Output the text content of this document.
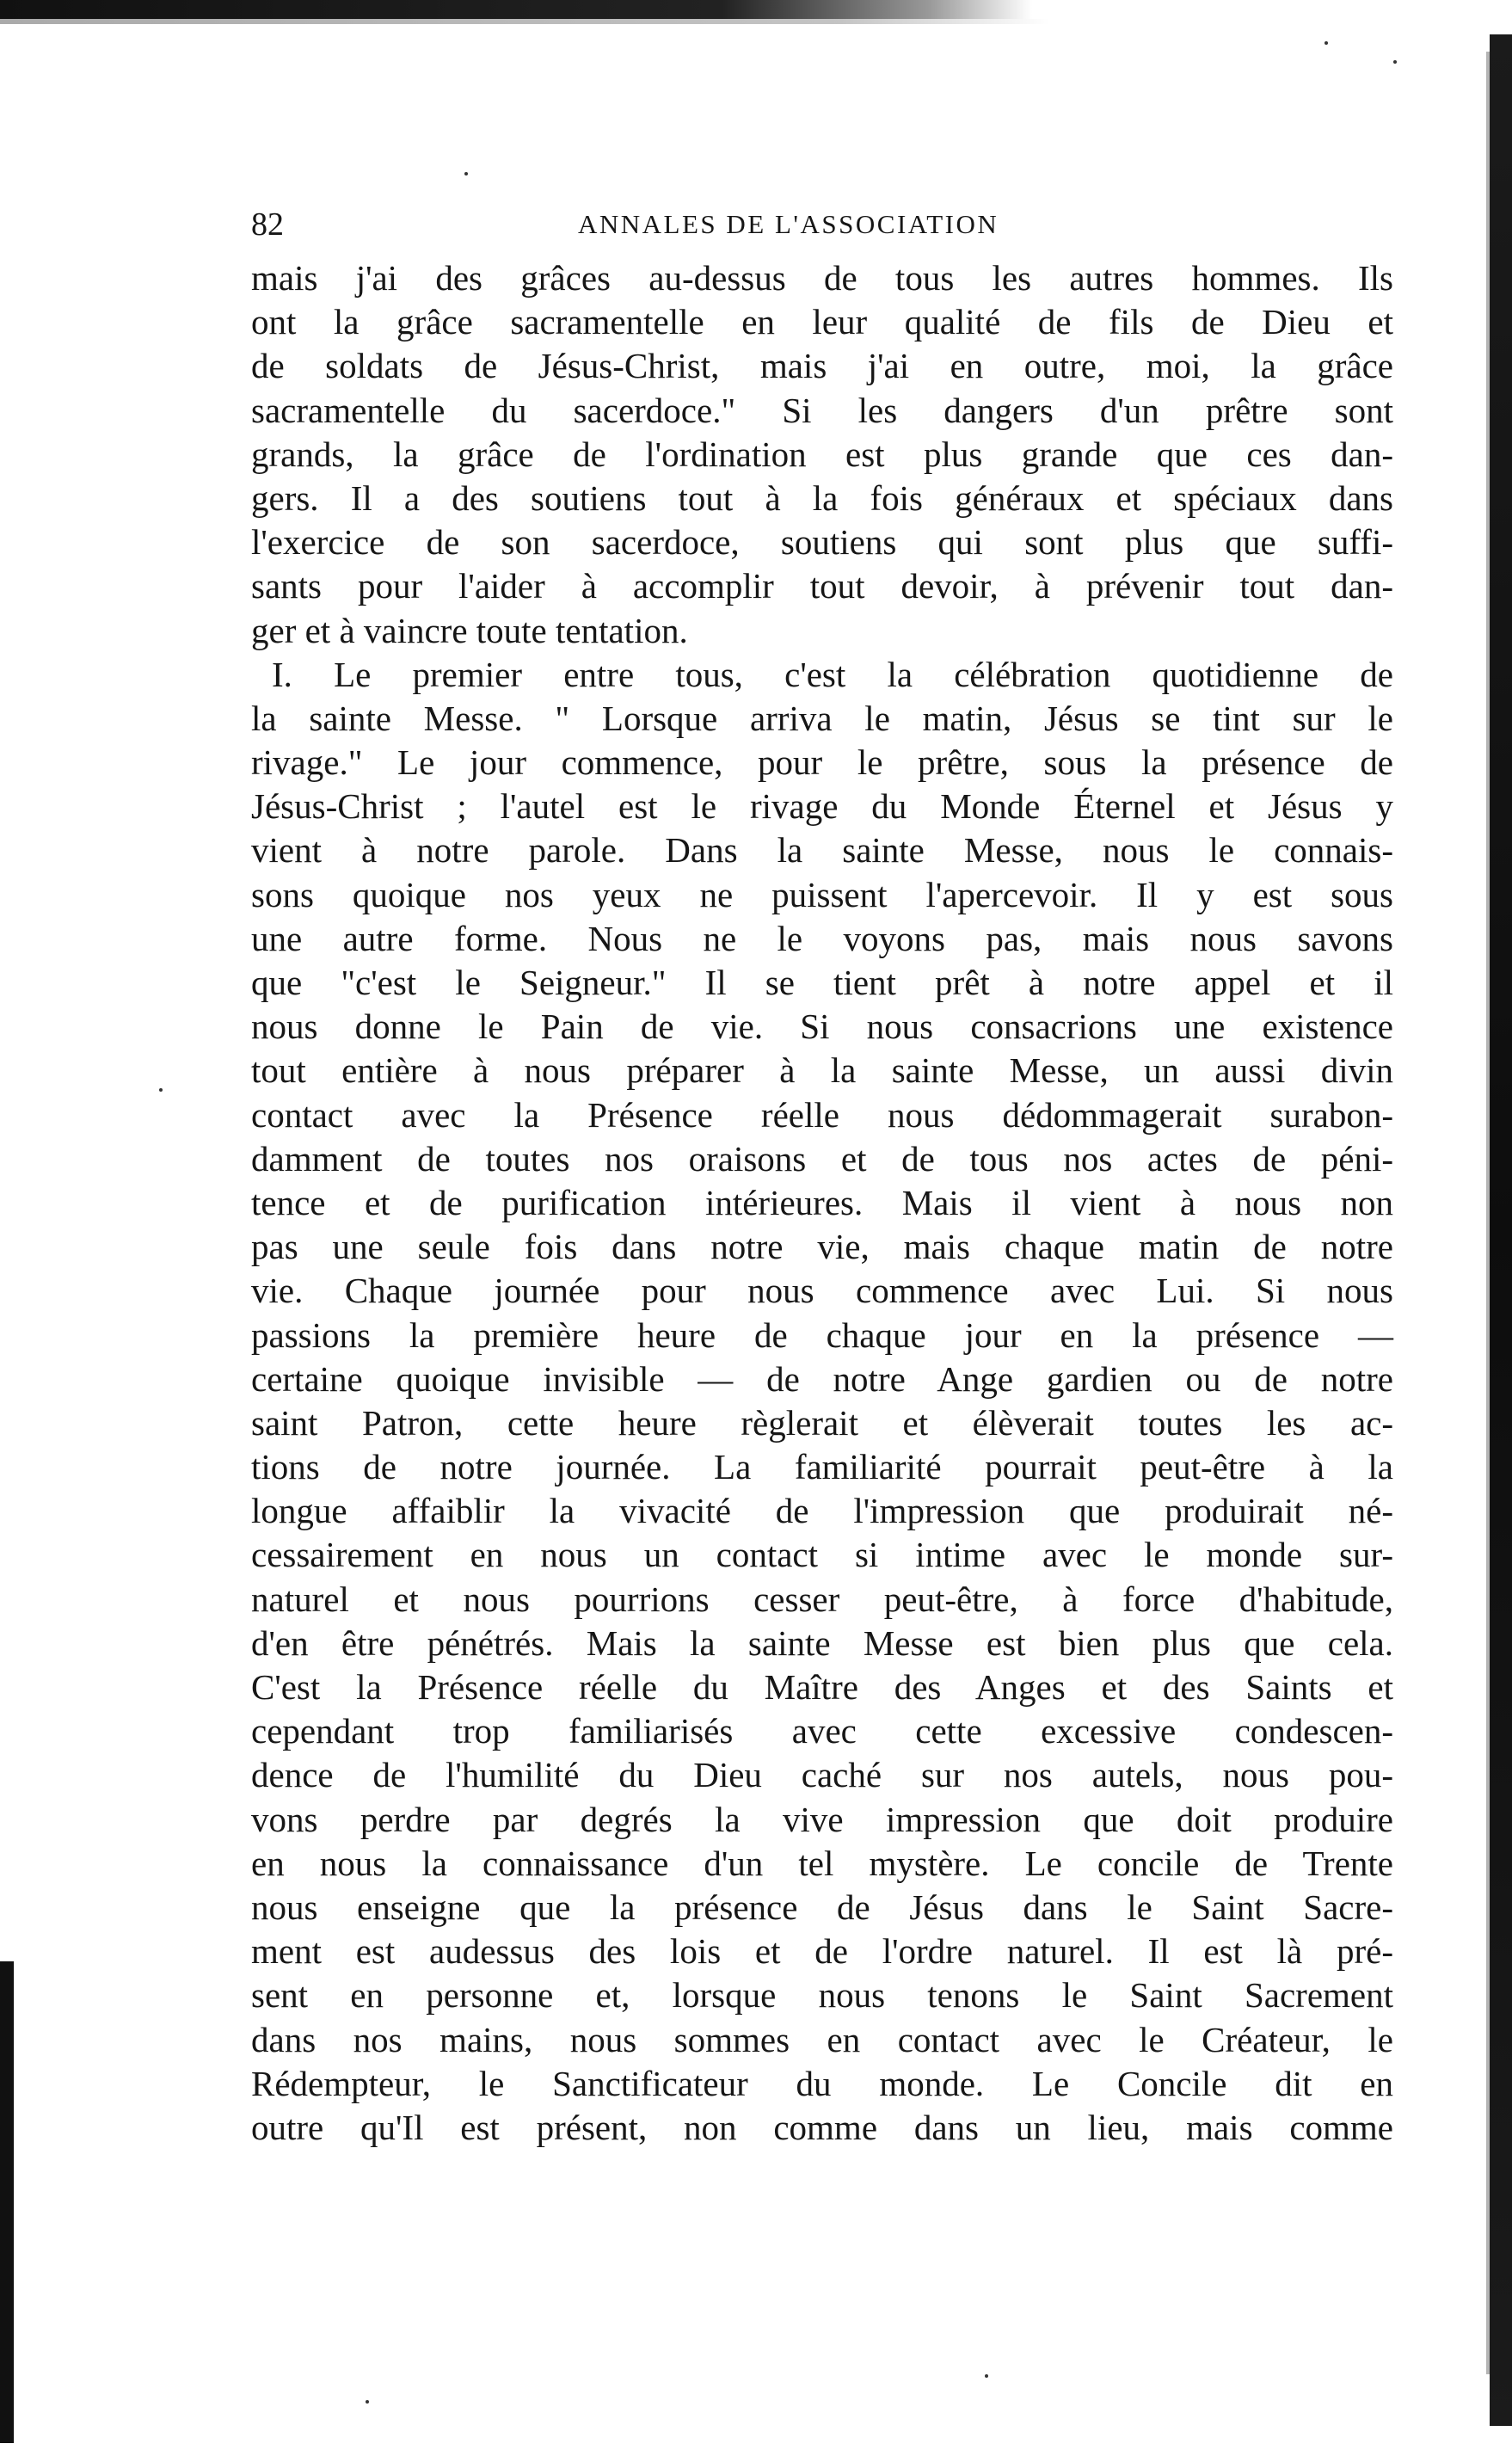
82	ANNALES DE L'ASSOCIATION
mais j'ai des grâces au-dessus de tous les autres hommes. Ils
ont la grâce sacramentelle en leur qualité de fils de Dieu et
de soldats de Jésus-Christ, mais j'ai en outre, moi, la grâce
sacramentelle du sacerdoce." Si les dangers d'un prêtre sont
grands, la grâce de l'ordination est plus grande que ces dan-
gers. Il a des soutiens tout à la fois généraux et spéciaux dans
l'exercice de son sacerdoce, soutiens qui sont plus que suffi-
sants pour l'aider à accomplir tout devoir, à prévenir tout dan-
ger et à vaincre toute tentation.
I. Le premier entre tous, c'est la célébration quotidienne de
la sainte Messe. " Lorsque arriva le matin, Jésus se tint sur le
rivage." Le jour commence, pour le prêtre, sous la présence de
Jésus-Christ ; l'autel est le rivage du Monde Éternel et Jésus y
vient à notre parole. Dans la sainte Messe, nous le connais-
sons quoique nos yeux ne puissent l'apercevoir. Il y est sous
une autre forme. Nous ne le voyons pas, mais nous savons
que "c'est le Seigneur." Il se tient prêt à notre appel et il
nous donne le Pain de vie. Si nous consacrions une existence
tout entière à nous préparer à la sainte Messe, un aussi divin
contact avec la Présence réelle nous dédommagerait surabon-
damment de toutes nos oraisons et de tous nos actes de péni-
tence et de purification intérieures. Mais il vient à nous non
pas une seule fois dans notre vie, mais chaque matin de notre
vie. Chaque journée pour nous commence avec Lui. Si nous
passions la première heure de chaque jour en la présence —
certaine quoique invisible — de notre Ange gardien ou de notre
saint Patron, cette heure règlerait et élèverait toutes les ac-
tions de notre journée. La familiarité pourrait peut-être à la
longue affaiblir la vivacité de l'impression que produirait né-
cessairement en nous un contact si intime avec le monde sur-
naturel et nous pourrions cesser peut-être, à force d'habitude,
d'en être pénétrés. Mais la sainte Messe est bien plus que cela.
C'est la Présence réelle du Maître des Anges et des Saints et
cependant trop familiarisés avec cette excessive condescen-
dence de l'humilité du Dieu caché sur nos autels, nous pou-
vons perdre par degrés la vive impression que doit produire
en nous la connaissance d'un tel mystère. Le concile de Trente
nous enseigne que la présence de Jésus dans le Saint Sacre-
ment est audessus des lois et de l'ordre naturel. Il est là pré-
sent en personne et, lorsque nous tenons le Saint Sacrement
dans nos mains, nous sommes en contact avec le Créateur, le
Rédempteur, le Sanctificateur du monde. Le Concile dit en
outre qu'Il est présent, non comme dans un lieu, mais comme
